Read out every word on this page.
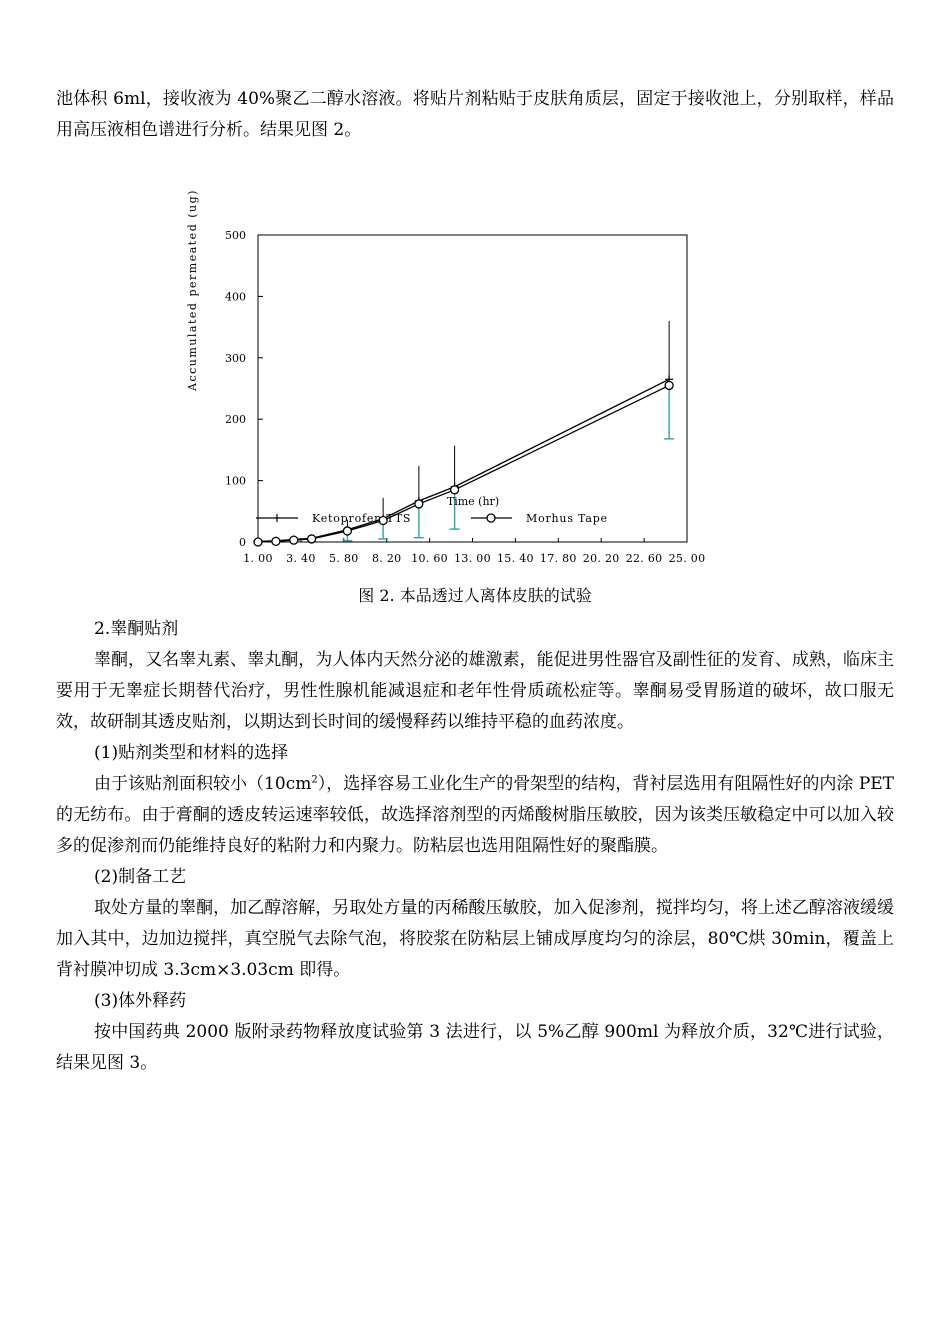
池体积 6ml，接收液为 40%聚乙二醇水溶液。将贴片剂粘贴于皮肤角质层，固定于接收池上，分别取样，样品用高压液相色谱进行分析。结果见图 2。

0
100
200
300
400
500
1. 00 3. 40 5. 80 8. 20 10. 60 13. 00 15. 40 17. 80 20. 20 22. 60 25. 00
Ketoprofen TTS	Morhus Tape
Accumulated permeated (ug)
Time (hr)
图 2. 本品透过人离体皮肤的试验

2.睾酮贴剂

睾酮，又名睾丸素、睾丸酮，为人体内天然分泌的雄激素，能促进男性器官及副性征的发育、成熟，临床主要用于无睾症长期替代治疗，男性性腺机能减退症和老年性骨质疏松症等。睾酮易受胃肠道的破坏，故口服无效，故研制其透皮贴剂，以期达到长时间的缓慢释药以维持平稳的血药浓度。

(1)贴剂类型和材料的选择

由于该贴剂面积较小$(10cm^2)$，选择容易工业化生产的骨架型的结构，背衬层选用有阻隔性好的内涂 PET 的无纺布。由于膏酮的透皮转运速率较低，故选择溶剂型的丙烯酸树脂压敏胶，因为该类压敏稳定中可以加入较多的促渗剂而仍能维持良好的粘附力和内聚力。防粘层也选用阻隔性好的聚酯膜。

(2)制备工艺

取处方量的睾酮，加乙醇溶解，另取处方量的丙稀酸压敏胶，加入促渗剂，搅拌均匀，将上述乙醇溶液缓缓加入其中，边加边搅拌，真空脱气去除气泡，将胶浆在防粘层上铺成厚度均匀的涂层，80℃烘 30min，覆盖上背衬膜冲切成 3.3cm×3.03cm 即得。

(3)体外释药

按中国药典 2000 版附录药物释放度试验第 3 法进行，以 5%乙醇 900ml 为释放介质，32℃进行试验，结果见图 3。
